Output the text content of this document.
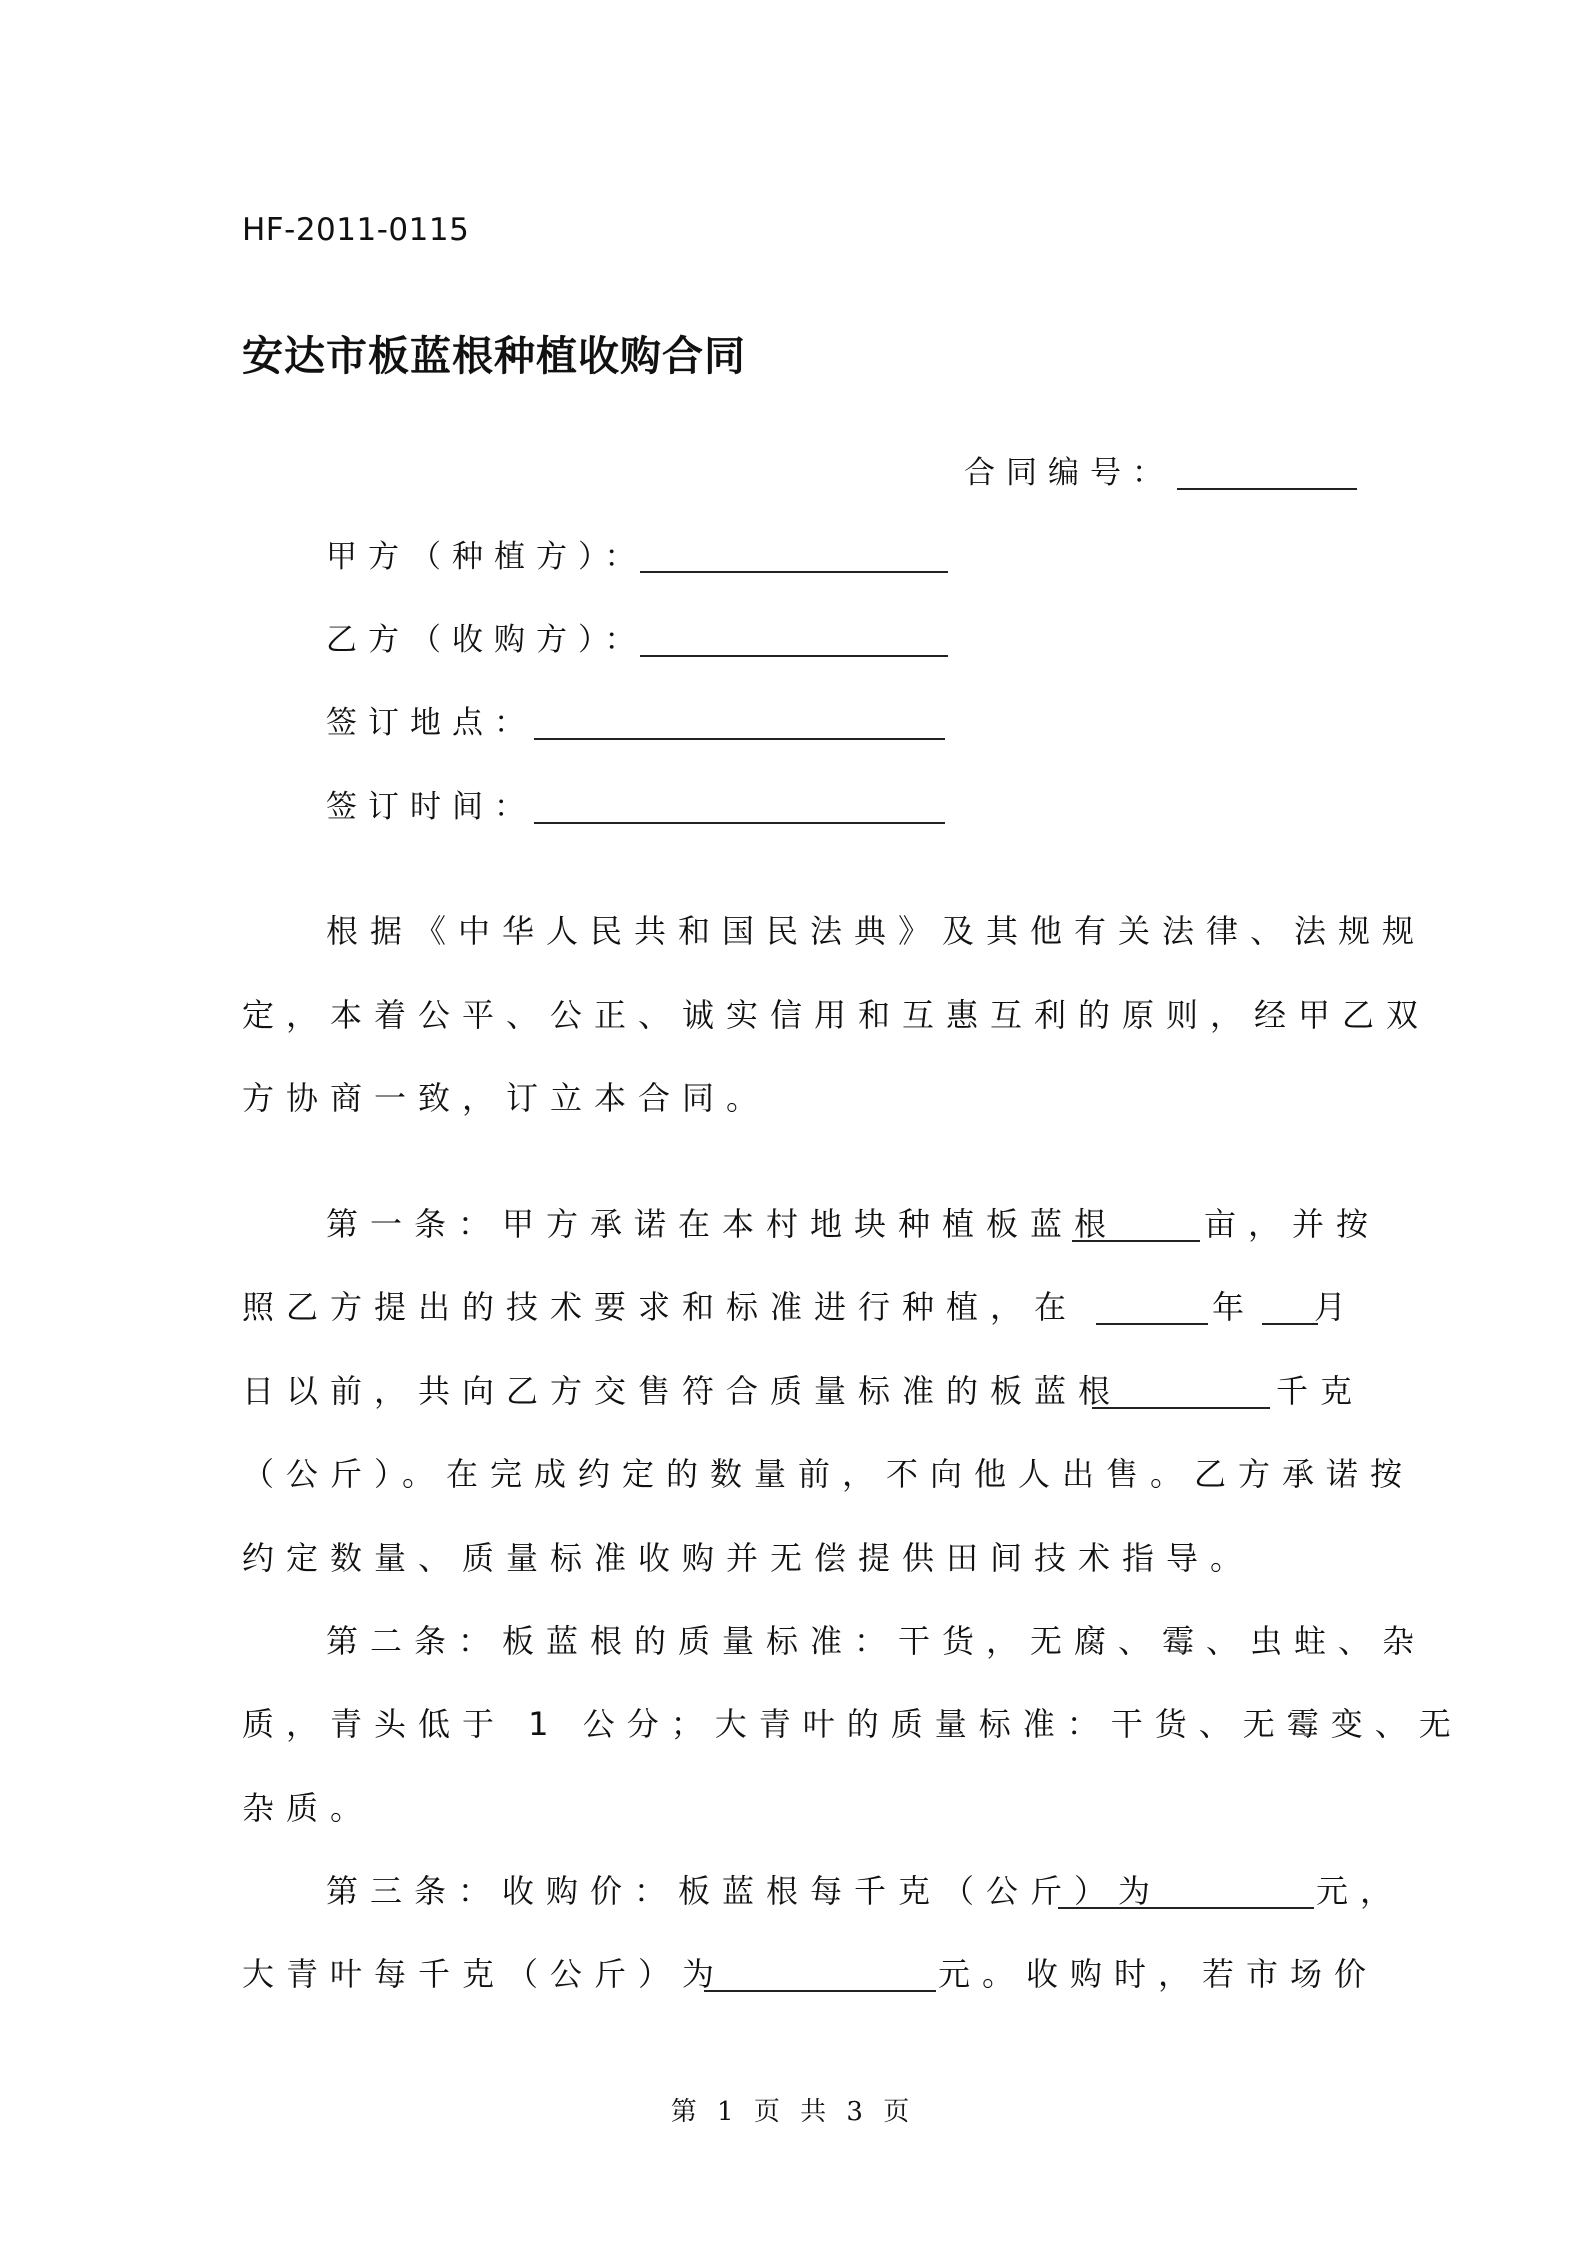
HF-2011-0115
安达市板蓝根种植收购合同
合同编号：
甲方（种植方）：
乙方（收购方）：
签订地点：
签订时间：
根据《中华人民共和国民法典》及其他有关法律、法规规
定，本着公平、公正、诚实信用和互惠互利的原则，经甲乙双
方协商一致，订立本合同。
第一条：甲方承诺在本村地块种植板蓝根	亩，并按
照乙方提出的技术要求和标准进行种植，在	年 月
日以前，共向乙方交售符合质量标准的板蓝根	千克
（公斤）。在完成约定的数量前，不向他人出售。乙方承诺按
约定数量、质量标准收购并无偿提供田间技术指导。
第二条：板蓝根的质量标准：干货，无腐、霉、虫蛀、杂
质，青头低于 1 公分；大青叶的质量标准：干货、无霉变、无
杂质。
第三条：收购价：板蓝根每千克（公斤）为	元，
大青叶每千克（公斤）为	元。收购时，若市场价
第 1 页 共 3 页
